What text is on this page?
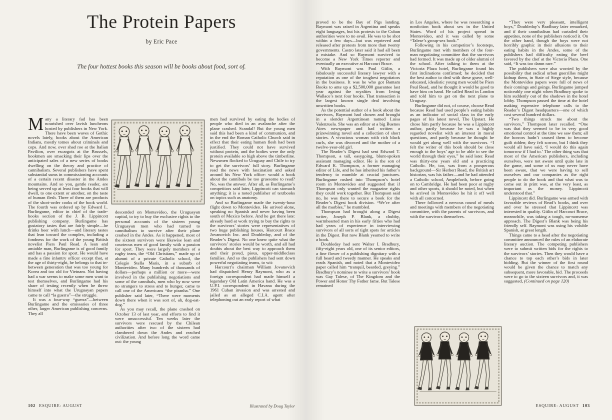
The Protein Papers
by Eric Pace
The four hottest books this season will be books about food, sort of.

Many a literary fad has been nourished over lavish luncheons hosted by publishers in New York. There have been waves of Gothic novels lately, books about the American Indians, mostly tomes about criminals and cops. And now, over shad roe at the Italian Pavilion, over escargots at the Brussels, bookmen are smacking their lips over the anticipated sales of a new series of books dwelling on the theory and practice of cannibalism. Several publishers have spent substantial sums in commissioning accounts of a certain recent disaster in the Andes mountains. And so you, gentle reader, are being served up at least four books that will dwell, to one extent or another, on the taste of human flesh. Three of them are products of the short-order cooks of the book world. The fourth was ordered up by Edward L. Burlingame, editor in chief of the trade-books section of the J. B. Lippincott publishing company. Burlingame has gustatory tastes that are fairly simple—he drinks beer with lunch—and literary tastes that lean toward the complex, including a fondness for the work of the young British novelist Piers Paul Read. A lean and amiable man, Burlingame is of good family and has a passion for sport. He would have made a fine infantry officer except that, at the age of thirty-eight, he belongs to that in-between generation that was too young for Korea and too old for Vietnam. Not having had a war seems to make some men want to test themselves, and Burlingame had his share of testing recently when he threw himself into what the Uruguayan papers came to call “la guerra”—the struggle.

It was a four-way “guerra”—between Burlingame and the emissaries of three other, larger American publishing concerns. They all

descended on Montevideo, the Uruguayan capital, to try to buy the exclusive rights to the personal accounts of the sixteen young Uruguayan men who had turned to cannibalism to survive after their plane crashed in the Andes. As it happened, most of the sixteen survivors were likewise lean and courteous men of good family with a passion for sport. They were largely members of a rugby team, the “Old Christians,” made up of alumni of a private Catholic school, the Colegio Stella Maris, in a suburb of Montevideo. Many hundreds of thousands of dollars—perhaps a million or more—were involved in the publishing negotiations and some of the cannibals, men who by now were no strangers to stress and to hunger, came to call one of the Americans “the piranha.” One publisher said later, “There were moments down there when it was sort of, ah, dog-eat-dog.”

As you may recall, the plane crashed on October 13 of last year, and efforts to find it were unsuccessful. Ten weeks later the survivors were rescued by the Chilean authorities after two of the sixteen had clambered down the Andes and reached civilization. And before long the word came out: the young

men had survived by eating the bodies of people who died in an avalanche after the plane crashed. Scandal! But the young men said this had been a kind of communion, and in the end the Roman Catholic Church said in effect that their eating human flesh had been justified. They could not have survived without protein, and the bodies were the only protein available so high above the timberline. Newsmen flocked to Uruguay and Chile to try to get the survivors’ full story. Burlingame read the news with fascination and asked around his New York office: would a book about the cannibals be too gruesome to read? No, was the answer. After all, as Burlingame’s competitors said later, Lippincott can stomach anything; it is a noted publisher of textbooks on topics such as anatomy.

And so Burlingame made the twenty-hour flight down to Montevideo. He arrived alone, speaking no Spanish and never having been south of Mexico before. And he got there late: already hard at work trying to buy the rights to the survivors’ stories were representatives of two huge publishing houses, Harcourt Brace Jovanovich Inc. and Doubleday, and of the Reader’s Digest. No one knew quite what the survivors’ stories would be worth, and all had doubts about the best way to approach them and their proud, pious, upper-middleclass families. And so the publishers had sent down powerful negotiating teams, to wit:

Harcourt’s chairman William Jovanovich had dispatched Henry Raymont, who as a foreign correspondent had made himself a legendary Old Latin America hand. He was a U.P.I. correspondent in Havana during the 1961 Cuban invasion and was arrested and jailed as an alleged C.I.A. agent after telephoning out an early report of what

102 ESQUIRE: AUGUST	Illustrated by Doug Taylor

proved to be the Bay of Pigs landing. Raymont was raised in Argentina and speaks eight languages, but his protests to the Cuban authorities were to no avail. He was to be shot within a few days—but was reprieved and released after protests from more than twenty governments. Castro later said it had all been a mistake. And so Raymont survived to become a New York Times reporter and eventually an executive at Harcourt Brace.

With Raymont was Paul Gitlin, a fabulously successful literary lawyer with a reputation as one of the toughest negotiators in the business. It was he who got Bantam Books to ante up a $2,500,000 guarantee last year against the royalties from Irving Wallace’s next four books. That transaction is the largest known single deal involving unwritten books.

As the potential author of a book about the survivors, Raymont had chosen and brought in a slender Argentinean named Luisa Valenzuela. She was an editor at a big Buenos Aires newspaper and had written a prizewinning novel and a collection of short stories. A vivacious woman with rich black curls, she was divorced and the mother of a twelve-year-old girl.

The Reader’s Digest had sent Edward T. Thompson, a tall, easygoing, blunt-spoken assistant managing editor. He is the son of Edward K. Thompson, a former managing editor of Life, and he has inherited his father’s tendency to mumble at crucial junctures. Burlingame rushed into Thompson’s hotel room in Montevideo and suggested that if Thompson only wanted the magazine rights they could work together. But Thompson said no, he was there to secure a book for the Reader’s Digest book division. “We’re after all the marbles,” he mumbled.

Thompson had brought along a Digest writer, Joseph P. Blank, a chubby, warmhearted man in his early fifties who had had years of experience in interviewing survivors of all sorts of tight spots for articles in the Digest. But now Blank yearned to write a book.

Doubleday had sent Walter I. Bradbury, fifty-eight years old, one of its senior editors, a fine flower of a publishing dignitary with a full beard and tweedy manner. He speaks and reads Spanish, and noted that a Montevideo paper called him “tranquil, bearded, greying.” Bradbury’s nominee to write a survivors’ book was Gay Talese, of The Kingdom and the Power and Honor Thy Father fame. But Talese remained

in Los Angeles, where he was researching a nonfiction book about sex in the United States. Word of his project spread in Montevideo, and it was called by some “Talese’s group-sex book.”

Following in his competitor’s footsteps, Burlingame met with members of the four-man negotiating committee that the survivors had formed. It was made up of older alumni of the school. After talking to them at the Victoria Plaza hotel, Burlingame found his first inclinations confirmed; he decided that the best author to deal with these grave, well-educated, idealistic young men would be Piers Paul Read, and he thought it would be good to have him on hand. He called Read in London and told him to get on the next plane to Uruguay.

Burlingame did not, of course, choose Read because Read had used people’s eating habits as an indicator of social class in the early pages of his latest novel, The Upstart. He chose him partly because he was a Lippincott author, partly because he was a highly regarded novelist with an interest in moral questions, and partly because he thought he would get along well with the survivors. “I felt the writer of this book should be close enough to the boys’ age to be able to see the world through their eyes,” he said later. Read was thirty-one years old and a practicing Catholic. He, too, was from a prosperous background—Sir Herbert Read, the British art historian, was his father—and he had attended a Catholic school, Ampleforth, before going on to Cambridge. He had been poor at rugby and other sports, it should be noted, but when he arrived in Montevideo he hit it off well with all concerned.

There followed a nervous round of meals and meetings with members of the negotiating committee, with the parents of survivors, and with the survivors themselves.

“They were very pleasant, intelligent boys,” Doubleday’s Bradbury later remarked, and if their cannibalism had curtailed their appetites, none of the publishers noticed it. On the other hand, though the boys were not horribly graphic in their allusions to their eating habits in the Andes, some of the publishers had difficulty eating the beef favored by the chef at the Victoria Plaza. One said, “It was too damn rare.”

The publishers were also worried by the possibility that radical urban guerrillas might kidnap them, in State of Siege style, because the Montevideo papers were full of news of their comings and goings. Burlingame jumped noticeably one night when Bradbury spoke to him suddenly out of the shadows in the hotel lobby. Thompson passed the time at the hotel making expensive telephone calls to the Reader’s Digest headquarters—one of which cost several hundred dollars.

“Two things struck me about the survivors,” Thompson later recalled. “One was that they seemed to be in very good emotional control at the time we saw them; all the horrors hadn’t caused them to become guilt ridden; they felt sorrow, but I think they would all have said, ‘I would do this again tomorrow if I had to.’ The other thing was that most of the American publishers, including ourselves, were not aware until quite late in the game, and some of us may never have been aware, that we were having to sell ourselves and our companies as the right people to do the book and that what was to come out in print was, at the very least, as important as the money. Lippincott understood that.”

Lippincott did. Burlingame was armed with favorable reviews of Read’s books, and over and over he stressed that Lippincott was interested in quality. Gitlin of Harcourt Brace, meanwhile, was taking a tough, no-nonsense approach. The Digest’s Blank was being his friendly self. Raymont was using his voluble Spanish, at great length.

Things came to a head after the negotiating committee announced the rules of an elaborate literary auction. The competing publishers were to submit written bids for the rights to the survivors’ stories. Then they would have a chance to top each other’s bids in later bidding. But the winner of the first round would be given the chance to match any subsequent, more favorable, bid. The proceeds were to go to the sixteen survivors and, it was suggested, (Continued on page 120)

ESQUIRE: AUGUST 103
